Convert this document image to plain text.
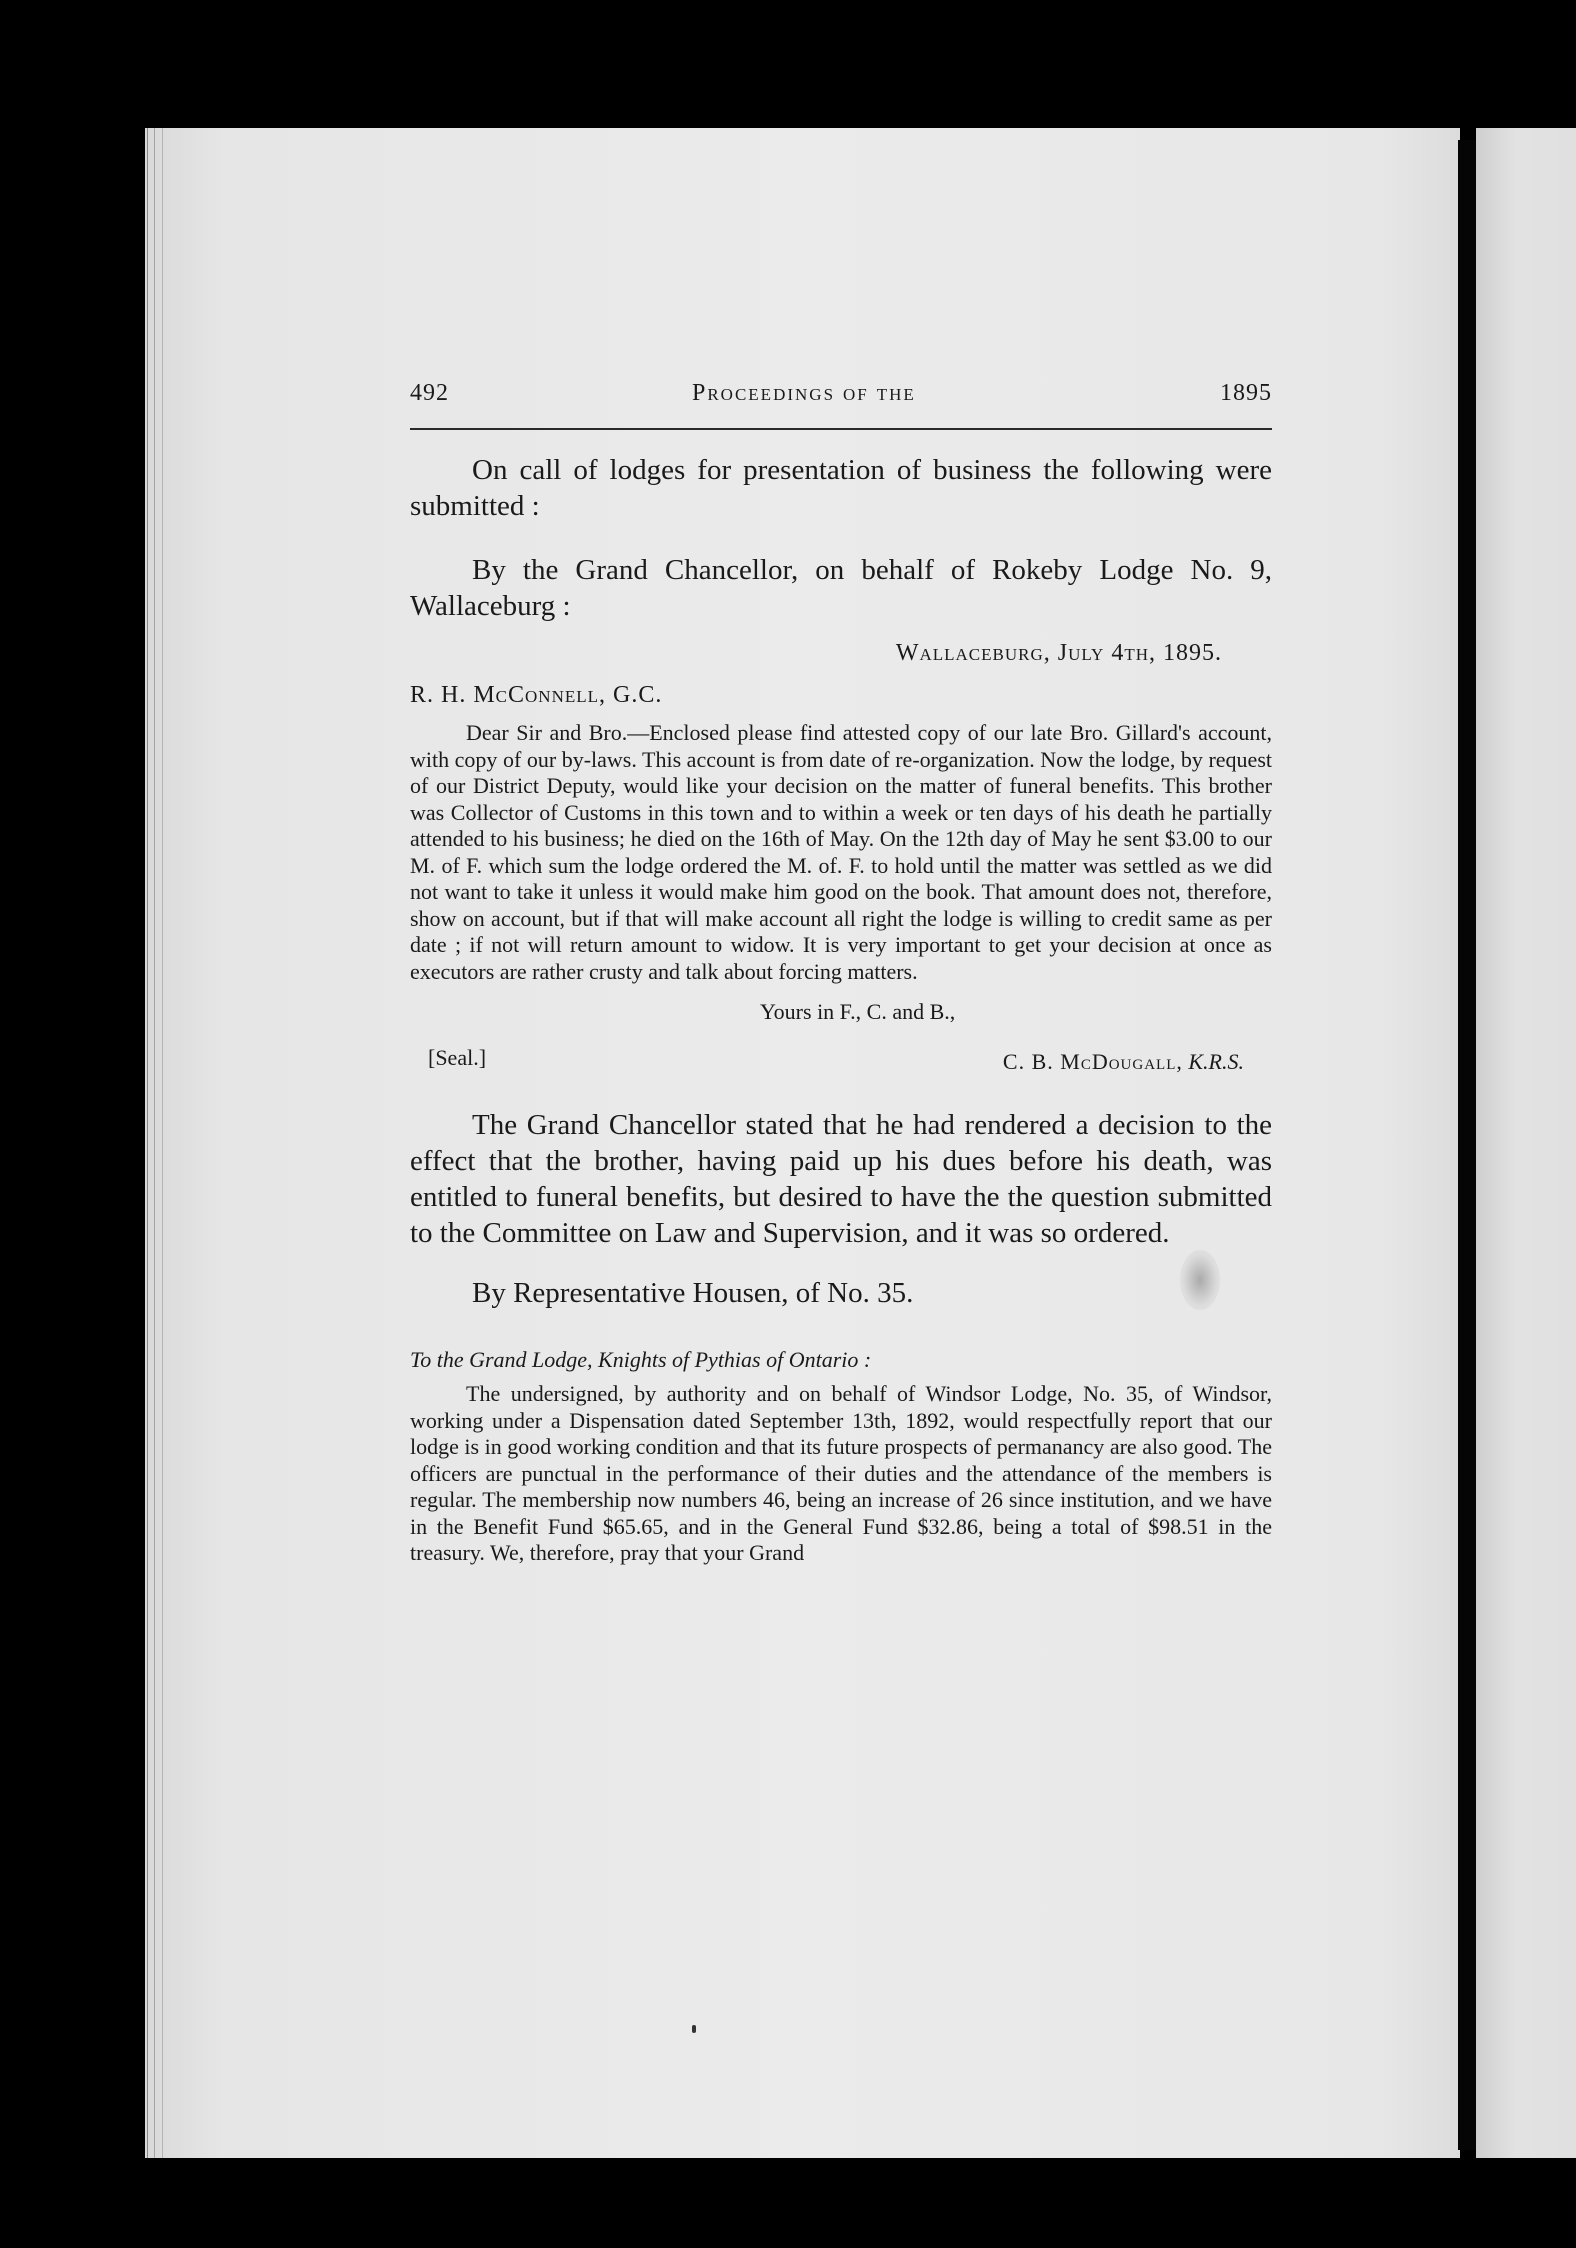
492	Proceedings of the	1895

On call of lodges for presentation of business the following were submitted :

By the Grand Chancellor, on behalf of Rokeby Lodge No. 9, Wallaceburg :

Wallaceburg, July 4th, 1895.

R. H. McConnell, G.C.

Dear Sir and Bro.—Enclosed please find attested copy of our late Bro. Gillard's account, with copy of our by-laws. This account is from date of re-organization. Now the lodge, by request of our District Deputy, would like your decision on the matter of funeral benefits. This brother was Collector of Customs in this town and to within a week or ten days of his death he partially attended to his business; he died on the 16th of May. On the 12th day of May he sent $3.00 to our M. of F. which sum the lodge ordered the M. of. F. to hold until the matter was settled as we did not want to take it unless it would make him good on the book. That amount does not, therefore, show on account, but if that will make account all right the lodge is willing to credit same as per date ; if not will return amount to widow. It is very important to get your decision at once as executors are rather crusty and talk about forcing matters.

Yours in F., C. and B.,

[Seal.]	C. B. McDougall, K.R.S.

The Grand Chancellor stated that he had rendered a decision to the effect that the brother, having paid up his dues before his death, was entitled to funeral benefits, but desired to have the the question submitted to the Committee on Law and Supervision, and it was so ordered.

By Representative Housen, of No. 35.

To the Grand Lodge, Knights of Pythias of Ontario :

The undersigned, by authority and on behalf of Windsor Lodge, No. 35, of Windsor, working under a Dispensation dated September 13th, 1892, would respectfully report that our lodge is in good working condition and that its future prospects of permanancy are also good. The officers are punctual in the performance of their duties and the attendance of the members is regular. The membership now numbers 46, being an increase of 26 since institution, and we have in the Benefit Fund $65.65, and in the General Fund $32.86, being a total of $98.51 in the treasury. We, therefore, pray that your Grand
